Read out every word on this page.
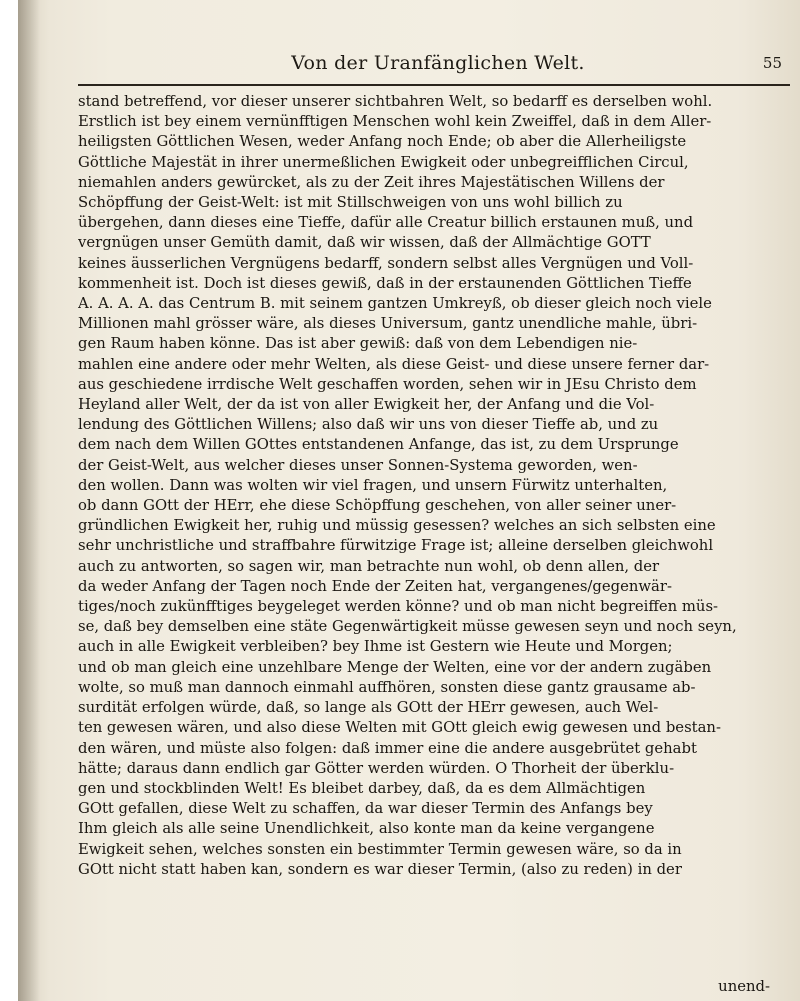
Von der Uranfänglichen Welt.	55
stand betreffend, vor dieser unserer sichtbahren Welt, so bedarff es derselben wohl.
Erstlich ist bey einem vernünfftigen Menschen wohl kein Zweiffel, daß in dem Aller-
heiligsten Göttlichen Wesen, weder Anfang noch Ende; ob aber die Allerheiligste
Göttliche Majestät in ihrer unermeßlichen Ewigkeit oder unbegreifflichen Circul,
niemahlen anders gewürcket, als zu der Zeit ihres Majestätischen Willens der
Schöpffung der Geist-Welt: ist mit Stillschweigen von uns wohl billich zu
übergehen, dann dieses eine Tieffe, dafür alle Creatur billich erstaunen muß, und
vergnügen unser Gemüth damit, daß wir wissen, daß der Allmächtige GOTT
keines äusserlichen Vergnügens bedarff, sondern selbst alles Vergnügen und Voll-
kommenheit ist. Doch ist dieses gewiß, daß in der erstaunenden Göttlichen Tieffe
A. A. A. A. das Centrum B. mit seinem gantzen Umkreyß, ob dieser gleich noch viele
Millionen mahl grösser wäre, als dieses Universum, gantz unendliche mahle, übri-
gen Raum haben könne. Das ist aber gewiß: daß von dem Lebendigen nie-
mahlen eine andere oder mehr Welten, als diese Geist- und diese unsere ferner dar-
aus geschiedene irrdische Welt geschaffen worden, sehen wir in JEsu Christo dem
Heyland aller Welt, der da ist von aller Ewigkeit her, der Anfang und die Vol-
lendung des Göttlichen Willens; also daß wir uns von dieser Tieffe ab, und zu
dem nach dem Willen GOttes entstandenen Anfange, das ist, zu dem Ursprunge
der Geist-Welt, aus welcher dieses unser Sonnen-Systema geworden, wen-
den wollen. Dann was wolten wir viel fragen, und unsern Fürwitz unterhalten,
ob dann GOtt der HErr, ehe diese Schöpffung geschehen, von aller seiner uner-
gründlichen Ewigkeit her, ruhig und müssig gesessen? welches an sich selbsten eine
sehr unchristliche und straffbahre fürwitzige Frage ist; alleine derselben gleichwohl
auch zu antworten, so sagen wir, man betrachte nun wohl, ob denn allen, der
da weder Anfang der Tagen noch Ende der Zeiten hat, vergangenes/gegenwär-
tiges/noch zukünfftiges beygeleget werden könne? und ob man nicht begreiffen müs-
se, daß bey demselben eine stäte Gegenwärtigkeit müsse gewesen seyn und noch seyn,
auch in alle Ewigkeit verbleiben? bey Ihme ist Gestern wie Heute und Morgen;
und ob man gleich eine unzehlbare Menge der Welten, eine vor der andern zugäben
wolte, so muß man dannoch einmahl auffhören, sonsten diese gantz grausame ab-
surdität erfolgen würde, daß, so lange als GOtt der HErr gewesen, auch Wel-
ten gewesen wären, und also diese Welten mit GOtt gleich ewig gewesen und bestan-
den wären, und müste also folgen: daß immer eine die andere ausgebrütet gehabt
hätte; daraus dann endlich gar Götter werden würden. O Thorheit der überklu-
gen und stockblinden Welt! Es bleibet darbey, daß, da es dem Allmächtigen
GOtt gefallen, diese Welt zu schaffen, da war dieser Termin des Anfangs bey
Ihm gleich als alle seine Unendlichkeit, also konte man da keine vergangene
Ewigkeit sehen, welches sonsten ein bestimmter Termin gewesen wäre, so da in
GOtt nicht statt haben kan, sondern es war dieser Termin, (also zu reden) in der
unend-
